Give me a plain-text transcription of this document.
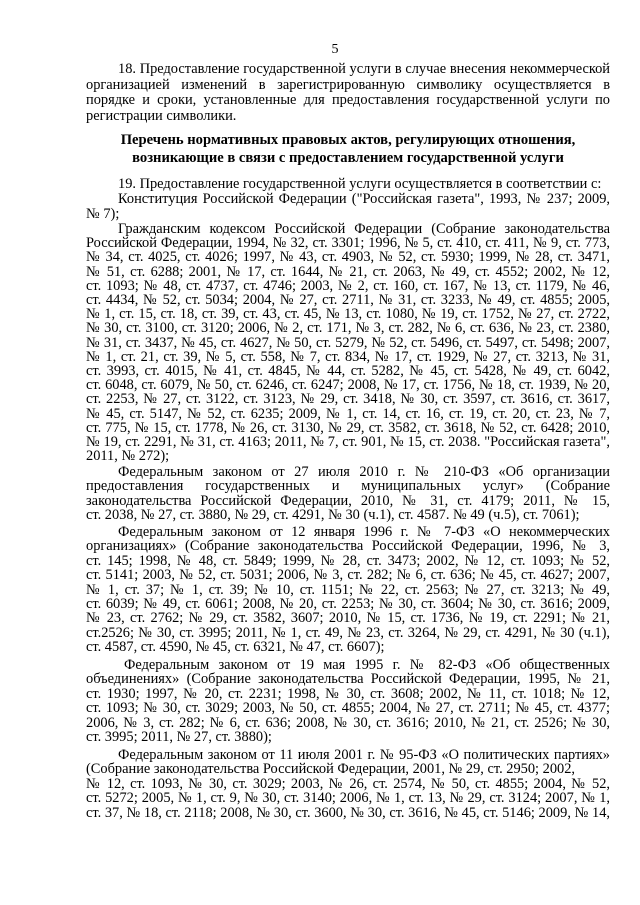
5
18. Предоставление государственной услуги в случае внесения некоммерческой
организацией изменений в зарегистрированную символику осуществляется в
порядке и сроки, установленные для предоставления государственной услуги по
регистрации символики.
Перечень нормативных правовых актов, регулирующих отношения,
возникающие в связи с предоставлением государственной услуги
19. Предоставление государственной услуги осуществляется в соответствии с:
Конституция Российской Федерации ("Российская газета", 1993, № 237; 2009,
№ 7);
Гражданским кодексом Российской Федерации (Собрание законодательства
Российской Федерации, 1994, № 32, ст. 3301; 1996, № 5, ст. 410, ст. 411, № 9, ст. 773,
№ 34, ст. 4025, ст. 4026; 1997, № 43, ст. 4903, № 52, ст. 5930; 1999, № 28, ст. 3471,
№ 51, ст. 6288; 2001, № 17, ст. 1644, № 21, ст. 2063, № 49, ст. 4552; 2002, № 12,
ст. 1093; № 48, ст. 4737, ст. 4746; 2003, № 2, ст. 160, ст. 167, № 13, ст. 1179, № 46,
ст. 4434, № 52, ст. 5034; 2004, № 27, ст. 2711, № 31, ст. 3233, № 49, ст. 4855; 2005,
№ 1, ст. 15, ст. 18, ст. 39, ст. 43, ст. 45, № 13, ст. 1080, № 19, ст. 1752, № 27, ст. 2722,
№ 30, ст. 3100, ст. 3120; 2006, № 2, ст. 171, № 3, ст. 282, № 6, ст. 636, № 23, ст. 2380,
№ 31, ст. 3437, № 45, ст. 4627, № 50, ст. 5279, № 52, ст. 5496, ст. 5497, ст. 5498; 2007,
№ 1, ст. 21, ст. 39, № 5, ст. 558, № 7, ст. 834, № 17, ст. 1929, № 27, ст. 3213, № 31,
ст. 3993, ст. 4015, № 41, ст. 4845, № 44, ст. 5282, № 45, ст. 5428, № 49, ст. 6042,
ст. 6048, ст. 6079, № 50, ст. 6246, ст. 6247; 2008, № 17, ст. 1756, № 18, ст. 1939, № 20,
ст. 2253, № 27, ст. 3122, ст. 3123, № 29, ст. 3418, № 30, ст. 3597, ст. 3616, ст. 3617,
№ 45, ст. 5147, № 52, ст. 6235; 2009, № 1, ст. 14, ст. 16, ст. 19, ст. 20, ст. 23, № 7,
ст. 775, № 15, ст. 1778, № 26, ст. 3130, № 29, ст. 3582, ст. 3618, № 52, ст. 6428; 2010,
№ 19, ст. 2291, № 31, ст. 4163; 2011, № 7, ст. 901, № 15, ст. 2038. "Российская газета",
2011, № 272);
Федеральным законом от 27 июля 2010 г. № 210-ФЗ «Об организации
предоставления государственных и муниципальных услуг» (Собрание
законодательства Российской Федерации, 2010, № 31, ст. 4179; 2011, № 15,
ст. 2038, № 27, ст. 3880, № 29, ст. 4291, № 30 (ч.1), ст. 4587. № 49 (ч.5), ст. 7061);
Федеральным законом от 12 января 1996 г. № 7-ФЗ «О некоммерческих
организациях» (Собрание законодательства Российской Федерации, 1996, № 3,
ст. 145; 1998, № 48, ст. 5849; 1999, № 28, ст. 3473; 2002, № 12, ст. 1093; № 52,
ст. 5141; 2003, № 52, ст. 5031; 2006, № 3, ст. 282; № 6, ст. 636; № 45, ст. 4627; 2007,
№ 1, ст. 37; № 1, ст. 39; № 10, ст. 1151; № 22, ст. 2563; № 27, ст. 3213; № 49,
ст. 6039; № 49, ст. 6061; 2008, № 20, ст. 2253; № 30, ст. 3604; № 30, ст. 3616; 2009,
№ 23, ст. 2762; № 29, ст. 3582, 3607; 2010, № 15, ст. 1736, № 19, ст. 2291; № 21,
ст.2526; № 30, ст. 3995; 2011, № 1, ст. 49, № 23, ст. 3264, № 29, ст. 4291, № 30 (ч.1),
ст. 4587, ст. 4590, № 45, ст. 6321, № 47, ст. 6607);
Федеральным законом от 19 мая 1995 г. № 82-ФЗ «Об общественных
объединениях» (Собрание законодательства Российской Федерации, 1995, № 21,
ст. 1930; 1997, № 20, ст. 2231; 1998, № 30, ст. 3608; 2002, № 11, ст. 1018; № 12,
ст. 1093; № 30, ст. 3029; 2003, № 50, ст. 4855; 2004, № 27, ст. 2711; № 45, ст. 4377;
2006, № 3, ст. 282; № 6, ст. 636; 2008, № 30, ст. 3616; 2010, № 21, ст. 2526; № 30,
ст. 3995; 2011, № 27, ст. 3880);
Федеральным законом от 11 июля 2001 г. № 95-ФЗ «О политических партиях»
(Собрание законодательства Российской Федерации, 2001, № 29, ст. 2950; 2002,
№ 12, ст. 1093, № 30, ст. 3029; 2003, № 26, ст. 2574, № 50, ст. 4855; 2004, № 52,
ст. 5272; 2005, № 1, ст. 9, № 30, ст. 3140; 2006, № 1, ст. 13, № 29, ст. 3124; 2007, № 1,
ст. 37, № 18, ст. 2118; 2008, № 30, ст. 3600, № 30, ст. 3616, № 45, ст. 5146; 2009, № 14,
